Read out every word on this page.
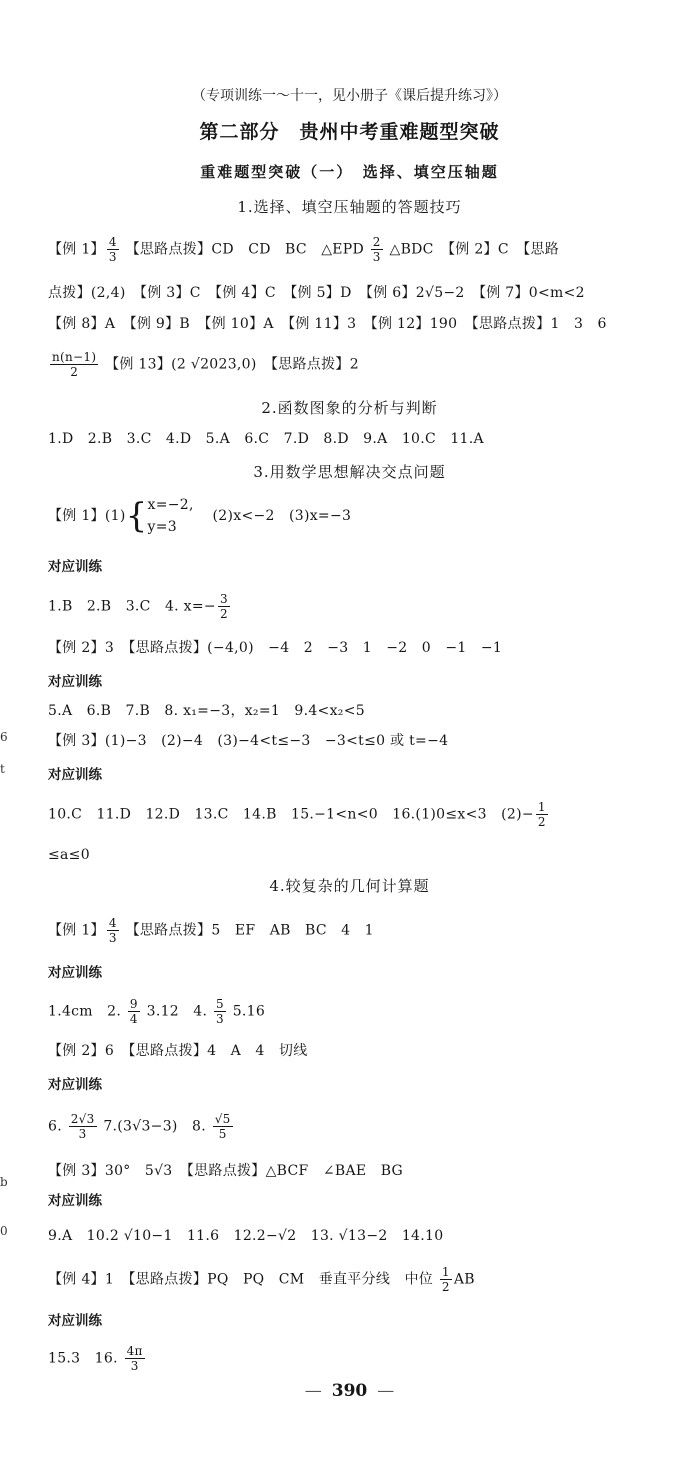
（专项训练一～十一，见小册子《课后提升练习》）
第二部分　贵州中考重难题型突破
重难题型突破（一）　选择、填空压轴题
1.选择、填空压轴题的答题技巧
【例 1】 $\frac{4}{3}$ 【思路点拨】CD　CD　BC　△EPD $\frac{2}{3}$ △BDC　【例 2】C　【思路
点拨】(2,4)　【例 3】C　【例 4】C　【例 5】D　【例 6】2√5−2　【例 7】0<m<2
【例 8】A　【例 9】B　【例 10】A　【例 11】3　【例 12】190　【思路点拨】1　3　6
$\frac{n(n-1)}{2}$ 【例 13】(2 √2023,0)　【思路点拨】2
2.函数图象的分析与判断
1.D　2.B　3.C　4.D　5.A　6.C　7.D　8.D　9.A　10.C　11.A
3.用数学思想解决交点问题
【例 1】(1){ x=−2,
y=3
(2)x<−2　(3)x=−3
对应训练
1.B　2.B　3.C　4. $x=- \frac{3}{2}$
【例 2】3　【思路点拨】(−4,0)　−4　2　−3　1　−2　0　−1　−1
对应训练
5.A　6.B　7.B　8. x₁=−3，x₂=1　9.4<x₂<5
【例 3】(1)−3　(2)−4　(3)−4<t≤−3　−3<t≤0 或 t=−4
对应训练
10.C　11.D　12.D　13.C　14.B　15.−1<n<0　16.(1)0≤x<3　$(2)- \frac{1}{2}$
≤a≤0
4.较复杂的几何计算题
【例 1】 $\frac{4}{3}$ 【思路点拨】5　EF　AB　BC　4　1
对应训练
1.4cm　2. $\frac{9}{4} 3.12$　4. $\frac{5}{3} 5.16$
【例 2】6　【思路点拨】4　A　4　切线
对应训练
6. $\frac{2√3}{3} 7.(3√3-3)$　8. $\frac{√5}{5}$
【例 3】30°　5√3　【思路点拨】△BCF　∠BAE　BG
对应训练
9.A　10.2 √10−1　11.6　12.2−√2　13. √13−2　14.10
【例 4】1　【思路点拨】PQ　PQ　CM　垂直平分线　中位 $\frac{1}{2}$ AB
对应训练
15.3　16. $\frac{4\pi}{3}$
— 390 —
6
t
b
0
